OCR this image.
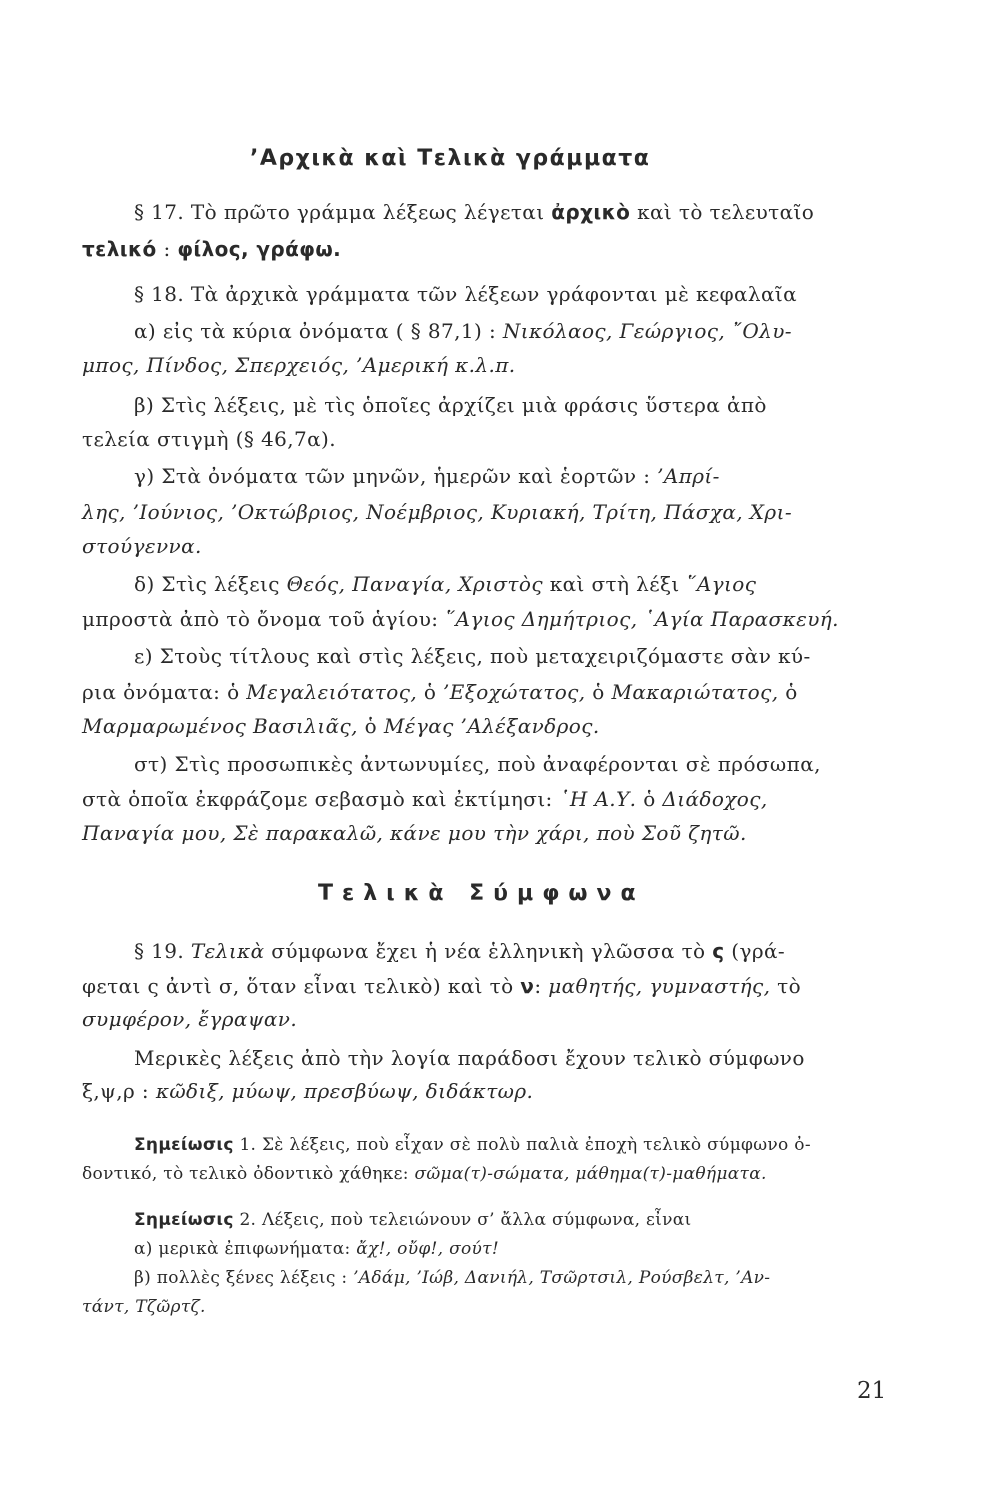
’Αρχικὰ καὶ Τελικὰ γράμματα

§ 17. Τὸ πρῶτο γράμμα λέξεως λέγεται ἀρχικὸ καὶ τὸ τελευταῖο

τελικό : φίλος, γράφω.

§ 18. Τὰ ἀρχικὰ γράμματα τῶν λέξεων γράφονται μὲ κεφαλαῖα

α) εἰς τὰ κύρια ὀνόματα ( § 87,1) : Νικόλαος, Γεώργιος, ῎Ολυ-

μπος, Πίνδος, Σπερχειός, ’Αμερική κ.λ.π.

β) Στὶς λέξεις, μὲ τὶς ὁποῖες ἀρχίζει μιὰ φράσις ὕστερα ἀπὸ

τελεία στιγμὴ (§ 46,7α).

γ) Στὰ ὀνόματα τῶν μηνῶν, ἡμερῶν καὶ ἑορτῶν : ’Απρί-

λης, ’Ιούνιος, ’Οκτώβριος, Νοέμβριος, Κυριακή, Τρίτη, Πάσχα, Χρι-

στούγεννα.

δ) Στὶς λέξεις Θεός, Παναγία, Χριστὸς καὶ στὴ λέξι ῞Αγιος

μπροστὰ ἀπὸ τὸ ὄνομα τοῦ ἁγίου: ῞Αγιος Δημήτριος, ῾Αγία Παρασκευή.

ε) Στοὺς τίτλους καὶ στὶς λέξεις, ποὺ μεταχειριζόμαστε σὰν κύ-

ρια ὀνόματα: ὁ Μεγαλειότατος, ὁ ’Εξοχώτατος, ὁ Μακαριώτατος, ὁ

Μαρμαρωμένος Βασιλιᾶς, ὁ Μέγας ’Αλέξανδρος.

στ) Στὶς προσωπικὲς ἀντωνυμίες, ποὺ ἀναφέρονται σὲ πρόσωπα,

στὰ ὁποῖα ἐκφράζομε σεβασμὸ καὶ ἐκτίμησι: ῾Η Α.Υ. ὁ Διάδοχος,

Παναγία μου, Σὲ παρακαλῶ, κάνε μου τὴν χάρι, ποὺ Σοῦ ζητῶ.

Τελικὰ Σύμφωνα

§ 19. Τελικὰ σύμφωνα ἔχει ἡ νέα ἑλληνικὴ γλῶσσα τὸ ς (γρά-

φεται ς ἀντὶ σ, ὅταν εἶναι τελικὸ) καὶ τὸ ν: μαθητής, γυμναστής, τὸ

συμφέρον, ἔγραψαν.

Μερικὲς λέξεις ἀπὸ τὴν λογία παράδοσι ἔχουν τελικὸ σύμφωνο

ξ,ψ,ρ : κῶδιξ, μύωψ, πρεσβύωψ, διδάκτωρ.

Σημείωσις 1. Σὲ λέξεις, ποὺ εἶχαν σὲ πολὺ παλιὰ ἐποχὴ τελικὸ σύμφωνο ὀ-

δοντικό, τὸ τελικὸ ὀδοντικὸ χάθηκε: σῶμα(τ)-σώματα, μάθημα(τ)-μαθήματα.

Σημείωσις 2. Λέξεις, ποὺ τελειώνουν σ’ ἄλλα σύμφωνα, εἶναι

α) μερικὰ ἐπιφωνήματα: ἄχ!, οὔφ!, σούτ!

β) πολλὲς ξένες λέξεις : ’Αδάμ, ’Ιώβ, Δανιήλ, Τσῶρτσιλ, Ρούσβελτ, ’Αν-

τάντ, Τζῶρτζ.

21
